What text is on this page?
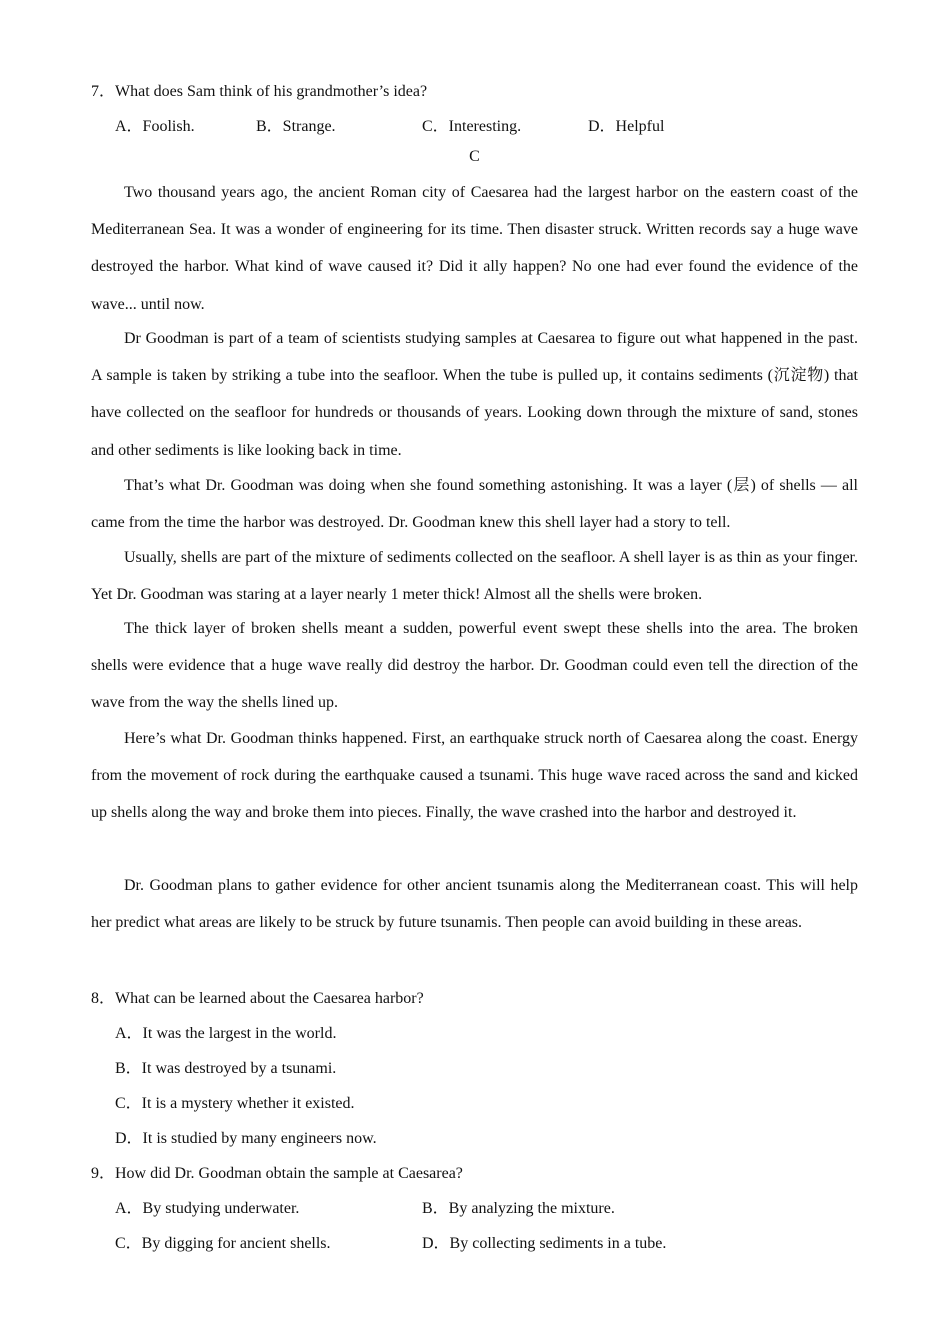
7．What does Sam think of his grandmother’s idea?
A．Foolish.	B．Strange.	C．Interesting.	D．Helpful
C

Two thousand years ago, the ancient Roman city of Caesarea had the largest harbor on the eastern coast of the Mediterranean Sea. It was a wonder of engineering for its time. Then disaster struck. Written records say a huge wave destroyed the harbor. What kind of wave caused it? Did it ally happen? No one had ever found the evidence of the wave... until now.

Dr Goodman is part of a team of scientists studying samples at Caesarea to figure out what happened in the past. A sample is taken by striking a tube into the seafloor. When the tube is pulled up, it contains sediments (沉淀物) that have collected on the seafloor for hundreds or thousands of years. Looking down through the mixture of sand, stones and other sediments is like looking back in time.

That’s what Dr. Goodman was doing when she found something astonishing. It was a layer (层) of shells — all came from the time the harbor was destroyed. Dr. Goodman knew this shell layer had a story to tell.

Usually, shells are part of the mixture of sediments collected on the seafloor. A shell layer is as thin as your finger. Yet Dr. Goodman was staring at a layer nearly 1 meter thick! Almost all the shells were broken.

The thick layer of broken shells meant a sudden, powerful event swept these shells into the area. The broken shells were evidence that a huge wave really did destroy the harbor. Dr. Goodman could even tell the direction of the wave from the way the shells lined up.

Here’s what Dr. Goodman thinks happened. First, an earthquake struck north of Caesarea along the coast. Energy from the movement of rock during the earthquake caused a tsunami. This huge wave raced across the sand and kicked up shells along the way and broke them into pieces. Finally, the wave crashed into the harbor and destroyed it.

Dr. Goodman plans to gather evidence for other ancient tsunamis along the Mediterranean coast. This will help her predict what areas are likely to be struck by future tsunamis. Then people can avoid building in these areas.

8．What can be learned about the Caesarea harbor?
A．It was the largest in the world.
B．It was destroyed by a tsunami.
C．It is a mystery whether it existed.
D．It is studied by many engineers now.
9．How did Dr. Goodman obtain the sample at Caesarea?
A．By studying underwater.	B．By analyzing the mixture.
C．By digging for ancient shells.	D．By collecting sediments in a tube.
